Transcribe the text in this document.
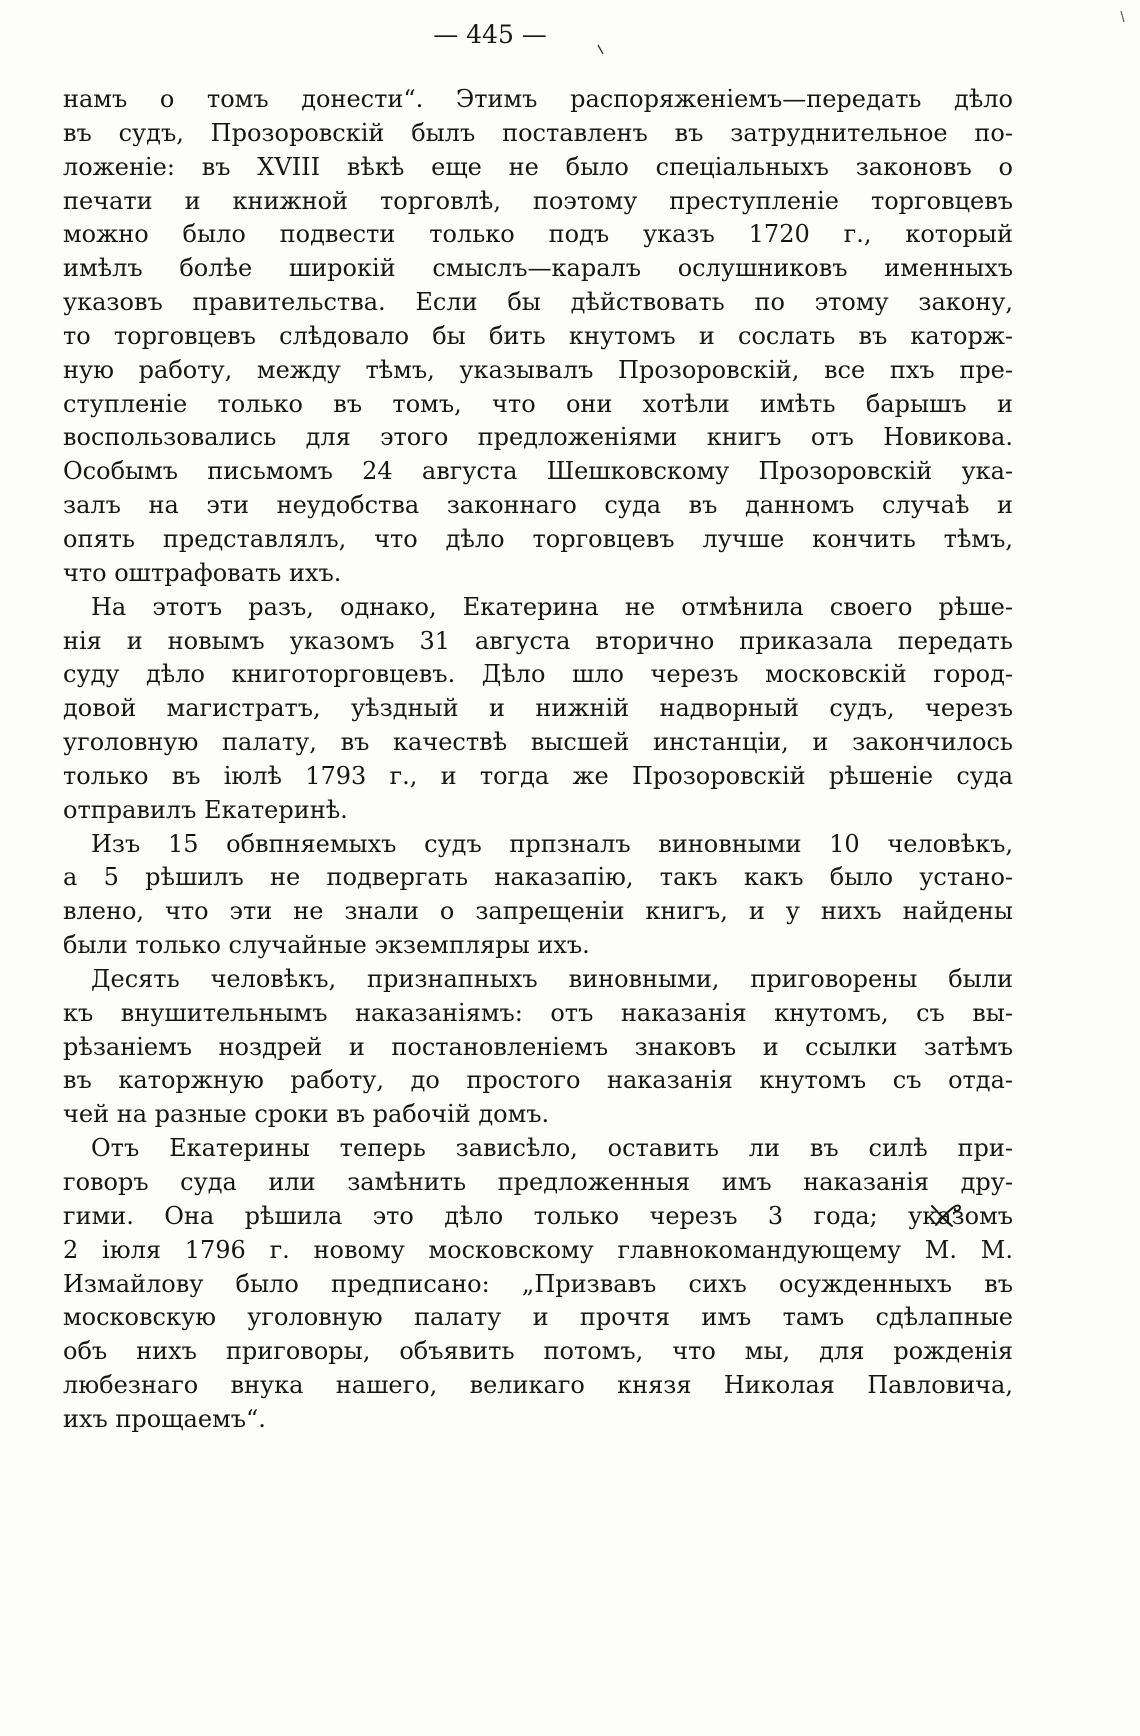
— 445 —
намъ о томъ донести“. Этимъ распоряженіемъ—передать дѣло
въ судъ, Прозоровскій былъ поставленъ въ затруднительное по-
ложеніе: въ XVIII вѣкѣ еще не было спеціальныхъ законовъ о
печати и книжной торговлѣ, поэтому преступленіе торговцевъ
можно было подвести только подъ указъ 1720 г., который
имѣлъ болѣе широкій смыслъ—каралъ ослушниковъ именныхъ
указовъ правительства. Если бы дѣйствовать по этому закону,
то торговцевъ слѣдовало бы бить кнутомъ и сослать въ каторж-
ную работу, между тѣмъ, указывалъ Прозоровскій, все пхъ пре-
ступленіе только въ томъ, что они хотѣли имѣть барышъ и
воспользовались для этого предложеніями книгъ отъ Новикова.
Особымъ письмомъ 24 августа Шешковскому Прозоровскій ука-
залъ на эти неудобства законнаго суда въ данномъ случаѣ и
опять представлялъ, что дѣло торговцевъ лучше кончить тѣмъ,
что оштрафовать ихъ.
На этотъ разъ, однако, Екатерина не отмѣнила своего рѣше-
нія и новымъ указомъ 31 августа вторично приказала передать
суду дѣло книготорговцевъ. Дѣло шло черезъ московскій город-
довой магистратъ, уѣздный и нижній надворный судъ, черезъ
уголовную палату, въ качествѣ высшей инстанціи, и закончилось
только въ іюлѣ 1793 г., и тогда же Прозоровскій рѣшеніе суда
отправилъ Екатеринѣ.
Изъ 15 обвпняемыхъ судъ прпзналъ виновными 10 человѣкъ,
а 5 рѣшилъ не подвергать наказапію, такъ какъ было устано-
влено, что эти не знали о запрещеніи книгъ, и у нихъ найдены
были только случайные экземпляры ихъ.
Десять человѣкъ, признапныхъ виновными, приговорены были
къ внушительнымъ наказаніямъ: отъ наказанія кнутомъ, съ вы-
рѣзаніемъ ноздрей и постановленіемъ знаковъ и ссылки затѣмъ
въ каторжную работу, до простого наказанія кнутомъ съ отда-
чей на разные сроки въ рабочій домъ.
Отъ Екатерины теперь зависѣло, оставить ли въ силѣ при-
говоръ суда или замѣнить предложенныя имъ наказанія дру-
гими. Она рѣшила это дѣло только черезъ 3 года; указомъ
2 іюля 1796 г. новому московскому главнокомандующему М. М.
Измайлову было предписано: „Призвавъ сихъ осужденныхъ въ
московскую уголовную палату и прочтя имъ тамъ сдѣлапные
объ нихъ приговоры, объявить потомъ, что мы, для рожденія
любезнаго внука нашего, великаго князя Николая Павловича,
ихъ прощаемъ“.
